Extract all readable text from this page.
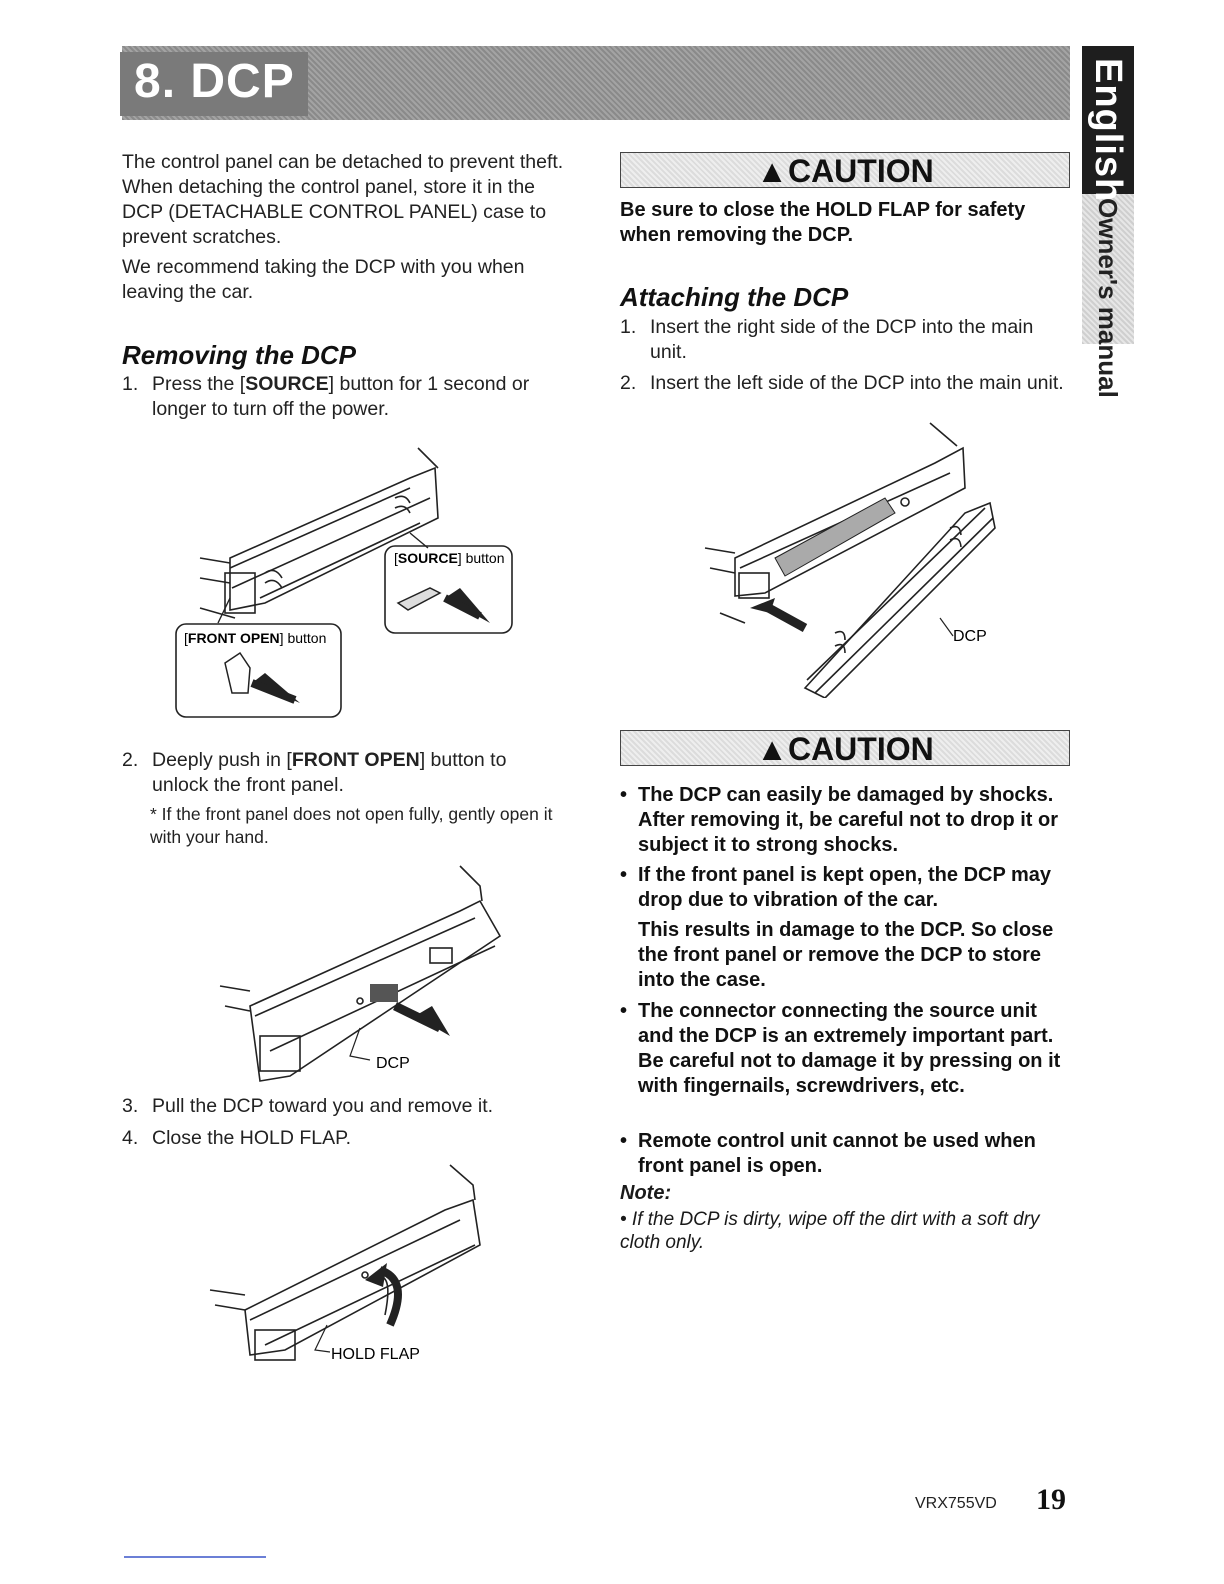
8. DCP	English
Owner's manual
The control panel can be detached to prevent theft. When detaching the control panel, store it in the DCP (DETACHABLE CONTROL PANEL) case to prevent scratches.
We recommend taking the DCP with you when leaving the car.
Removing the DCP
1. Press the [SOURCE] button for 1 second or longer to turn off the power.
[SOURCE] button
[FRONT OPEN] button
2. Deeply push in [FRONT OPEN] button to unlock the front panel.
* If the front panel does not open fully, gently open it with your hand.
DCP
3. Pull the DCP toward you and remove it.
4. Close the HOLD FLAP.
HOLD FLAP
▲CAUTION
Be sure to close the HOLD FLAP for safety when removing the DCP.
Attaching the DCP
1. Insert the right side of the DCP into the main unit.
2. Insert the left side of the DCP into the main unit.
DCP
▲CAUTION
• The DCP can easily be damaged by shocks. After removing it, be careful not to drop it or subject it to strong shocks.
• If the front panel is kept open, the DCP may drop due to vibration of the car.
This results in damage to the DCP. So close the front panel or remove the DCP to store into the case.
• The connector connecting the source unit and the DCP is an extremely important part. Be careful not to damage it by pressing on it with fingernails, screwdrivers, etc.
• Remote control unit cannot be used when front panel is open.
Note:
• If the DCP is dirty, wipe off the dirt with a soft dry cloth only.
VRX755VD 19
